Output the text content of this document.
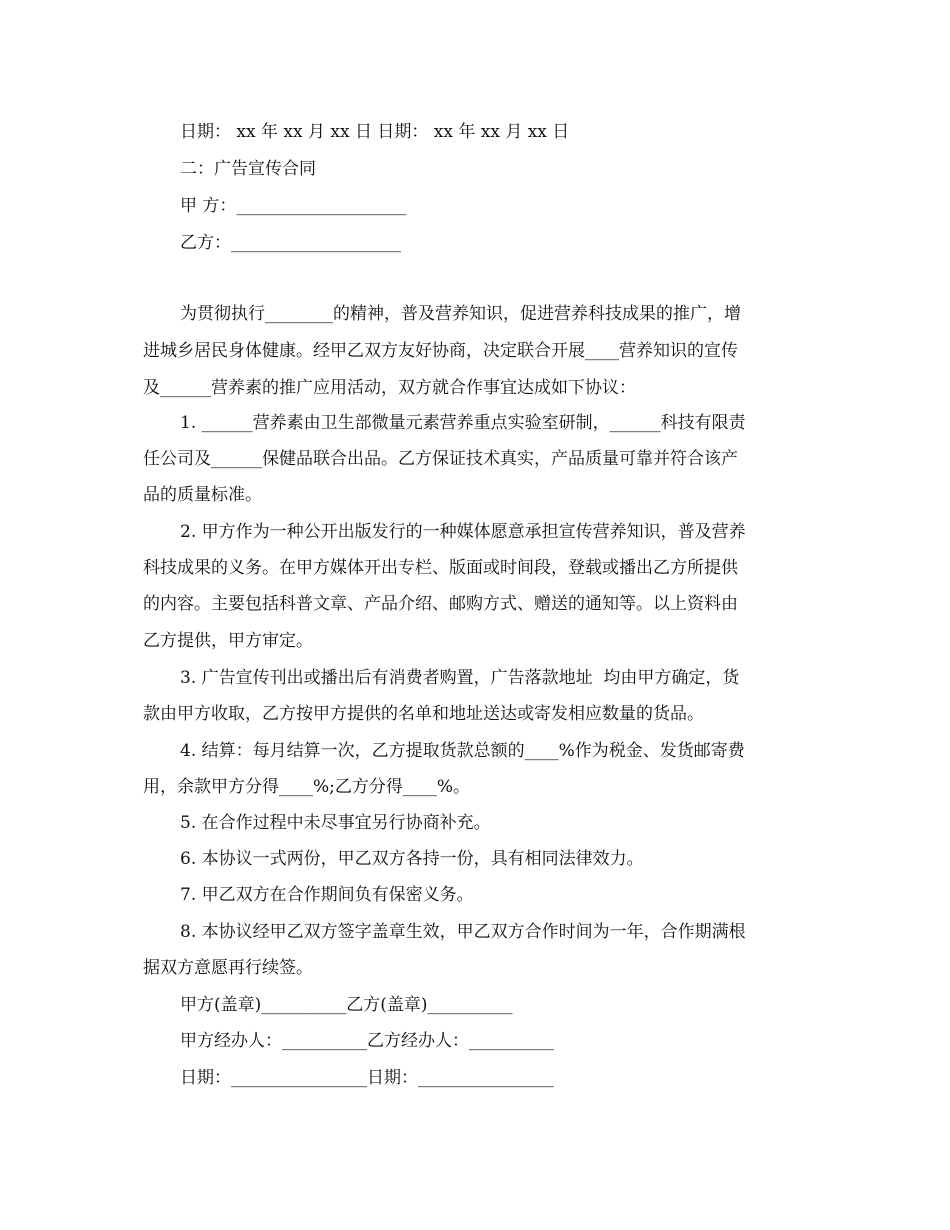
日期： xx 年 xx 月 xx 日 日期： xx 年 xx 月 xx 日
二：广告宣传合同
甲 方：____________________
乙方：____________________
为贯彻执行________的精神，普及营养知识，促进营养科技成果的推广，增
进城乡居民身体健康。经甲乙双方友好协商，决定联合开展____营养知识的宣传
及______营养素的推广应用活动，双方就合作事宜达成如下协议：
1. ______营养素由卫生部微量元素营养重点实验室研制，______科技有限责
任公司及______保健品联合出品。乙方保证技术真实，产品质量可靠并符合该产
品的质量标准。
2. 甲方作为一种公开出版发行的一种媒体愿意承担宣传营养知识，普及营养
科技成果的义务。在甲方媒体开出专栏、版面或时间段，登载或播出乙方所提供
的内容。主要包括科普文章、产品介绍、邮购方式、赠送的通知等。以上资料由
乙方提供，甲方审定。
3. 广告宣传刊出或播出后有消费者购置，广告落款地址  均由甲方确定，货
款由甲方收取，乙方按甲方提供的名单和地址送达或寄发相应数量的货品。
4. 结算：每月结算一次，乙方提取货款总额的____%作为税金、发货邮寄费
用，余款甲方分得____%;乙方分得____%。
5. 在合作过程中未尽事宜另行协商补充。
6. 本协议一式两份，甲乙双方各持一份，具有相同法律效力。
7. 甲乙双方在合作期间负有保密义务。
8. 本协议经甲乙双方签字盖章生效，甲乙双方合作时间为一年，合作期满根
据双方意愿再行续签。
甲方(盖章)__________乙方(盖章)__________
甲方经办人：__________乙方经办人：__________
日期：________________日期：________________
